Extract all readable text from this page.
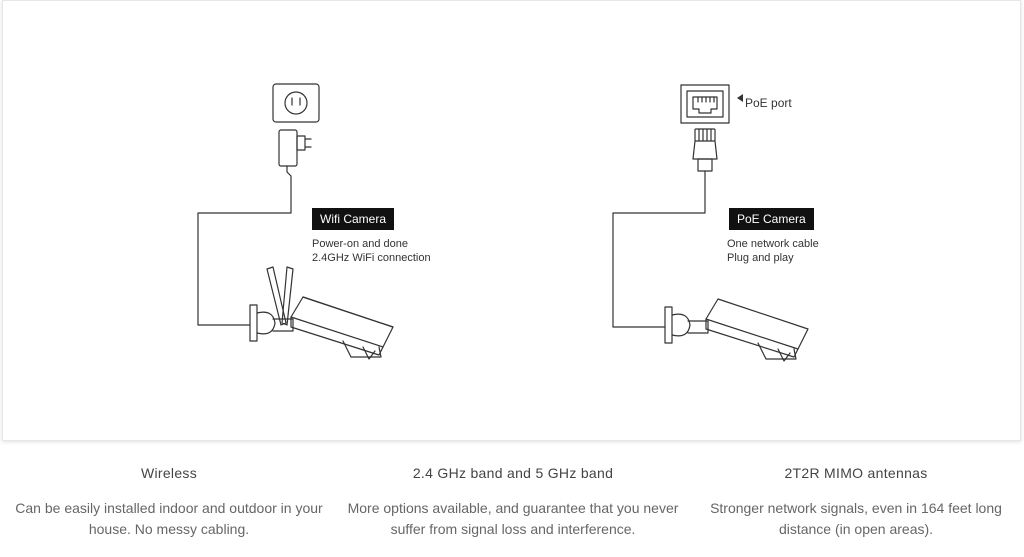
Wifi Camera
Power-on and done
2.4GHz WiFi connection
PoE port
PoE Camera
One network cable
Plug and play
Wireless

Can be easily installed indoor and outdoor in your house. No messy cabling.

2.4 GHz band and 5 GHz band

More options available, and guarantee that you never suffer from signal loss and interference.

2T2R MIMO antennas

Stronger network signals, even in 164 feet long distance (in open areas).
